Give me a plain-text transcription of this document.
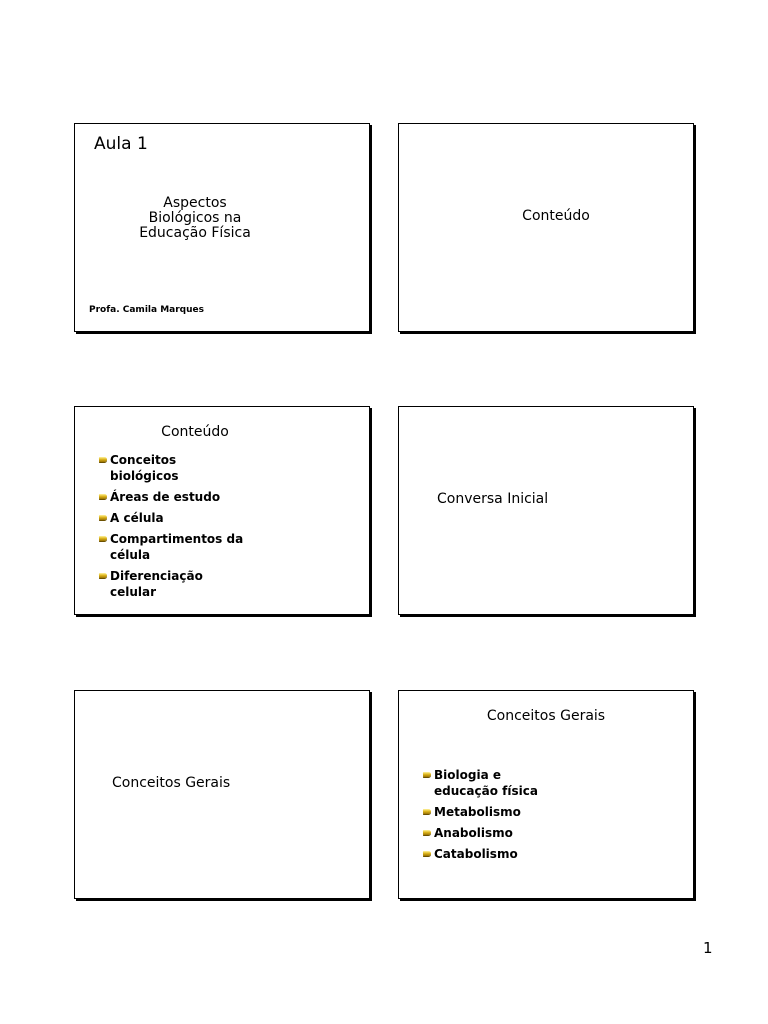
Aula 1
Aspectos
Biológicos na
Educação Física
Profa. Camila Marques
Conteúdo
Conteúdo
Conceitos
biológicos
Áreas de estudo
A célula
Compartimentos da
célula
Diferenciação
celular
Conversa Inicial
Conceitos Gerais
Conceitos Gerais
Biologia e
educação física
Metabolismo
Anabolismo
Catabolismo
1
